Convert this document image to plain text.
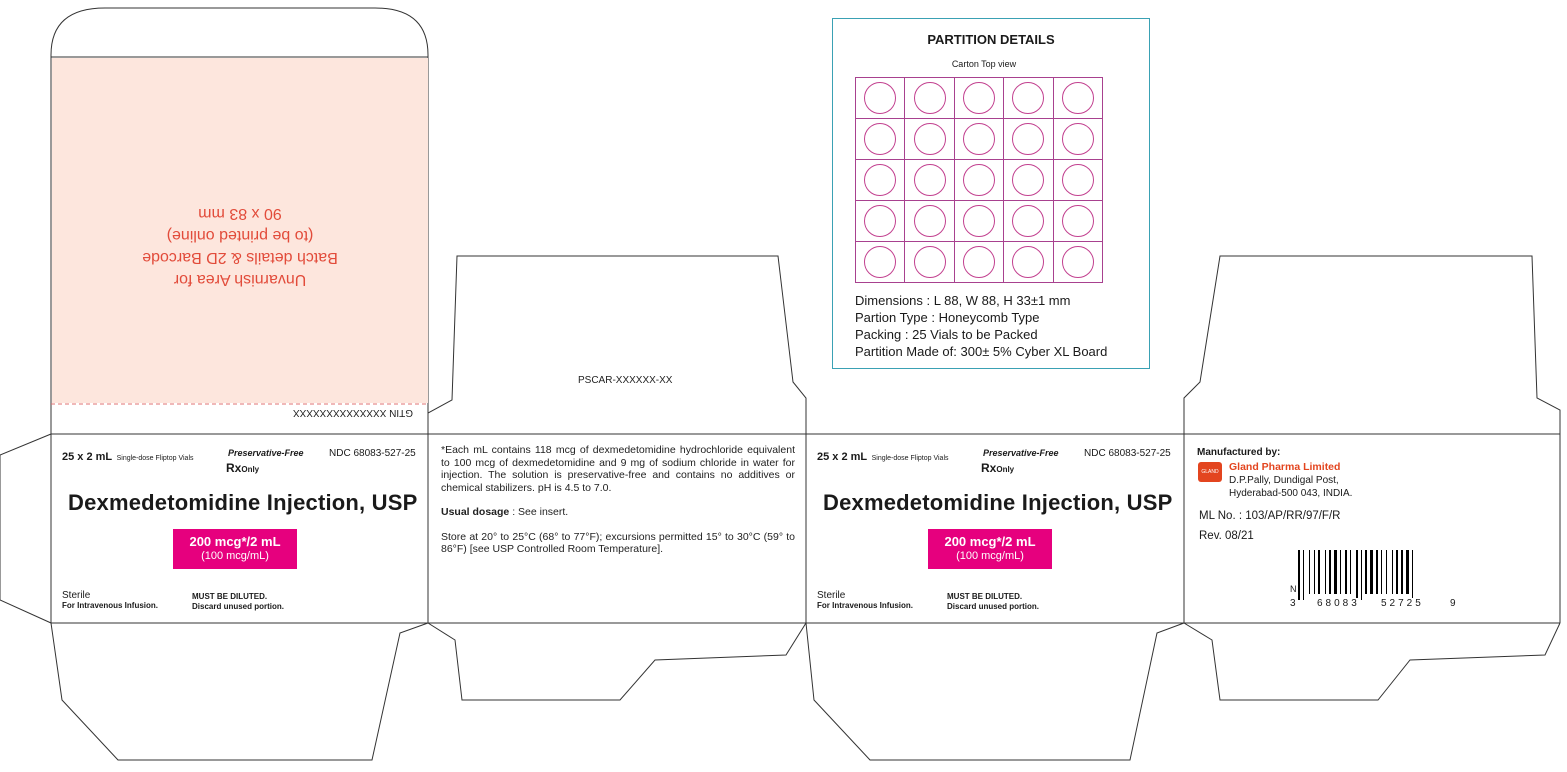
Unvarnish Area for
Batch details & 2D Barcode
(to be printed online)
90 x 83 mm
GTIN XXXXXXXXXXXXXX
PSCAR-XXXXXX-XX
25 x 2 mL Single-dose Fliptop Vials
Preservative-Free
RxOnly
NDC 68083-527-25
Dexmedetomidine Injection, USP
200 mcg*/2 mL
(100 mcg/mL)
Sterile
For Intravenous Infusion.
MUST BE DILUTED.
Discard unused portion.
*Each mL contains 118 mcg of dexmedetomidine hydrochloride equivalent to 100 mcg of dexmedetomidine and 9 mg of sodium chloride in water for injection. The solution is preservative-free and contains no additives or chemical stabilizers. pH is 4.5 to 7.0.
Usual dosage : See insert.
Store at 20° to 25°C (68° to 77°F); excursions permitted 15° to 30°C (59° to 86°F) [see USP Controlled Room Temperature].
25 x 2 mL Single-dose Fliptop Vials
Preservative-Free
RxOnly
NDC 68083-527-25
Dexmedetomidine Injection, USP
200 mcg*/2 mL
(100 mcg/mL)
Sterile
For Intravenous Infusion.
MUST BE DILUTED.
Discard unused portion.
Manufactured by:
GLAND Gland Pharma Limited
D.P.Pally, Dundigal Post,
Hyderabad-500 043, INDIA.
ML No. : 103/AP/RR/97/F/R
Rev. 08/21
N
3 68083 52725	9
PARTITION DETAILS
Carton Top view
Dimensions : L 88, W 88, H 33±1 mm
Partion Type : Honeycomb Type
Packing : 25 Vials to be Packed
Partition Made of: 300± 5% Cyber XL Board
